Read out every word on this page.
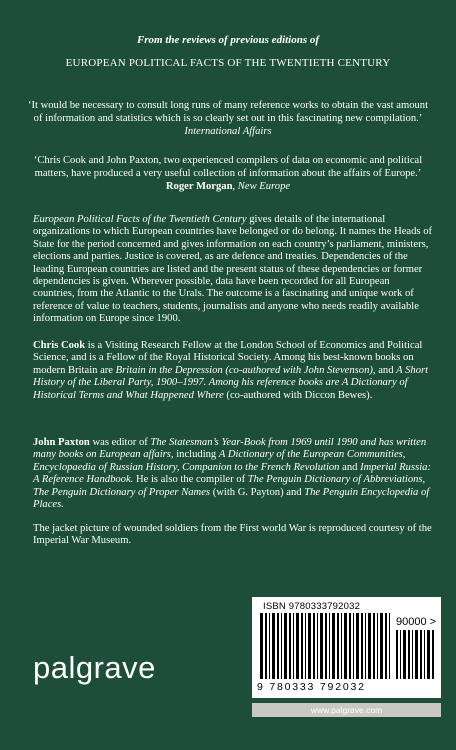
From the reviews of previous editions of
EUROPEAN POLITICAL FACTS OF THE TWENTIETH CENTURY
‘It would be necessary to consult long runs of many reference works to obtain the vast amount
of information and statistics which is so clearly set out in this fascinating new compilation.’
International Affairs
‘Chris Cook and John Paxton, two experienced compilers of data on economic and political
matters, have produced a very useful collection of information about the affairs of Europe.’
Roger Morgan, New Europe
European Political Facts of the Twentieth Century gives details of the international organizations to which European countries have belonged or do belong. It names the Heads of State for the period concerned and gives information on each country’s parliament, ministers, elections and parties. Justice is covered, as are defence and treaties. Dependencies of the leading European countries are listed and the present status of these dependencies or former dependencies is given. Wherever possible, data have been recorded for all European countries, from the Atlantic to the Urals. The outcome is a fascinating and unique work of reference of value to teachers, students, journalists and anyone who needs readily available information on Europe since 1900.
Chris Cook is a Visiting Research Fellow at the London School of Economics and Political Science, and is a Fellow of the Royal Historical Society. Among his best-known books on modern Britain are Britain in the Depression (co-authored with John Stevenson), and A Short History of the Liberal Party, 1900–1997. Among his reference books are A Dictionary of Historical Terms and What Happened Where (co-authored with Diccon Bewes).
John Paxton was editor of The Statesman’s Year-Book from 1969 until 1990 and has written many books on European affairs, including A Dictionary of the European Communities, Encyclopaedia of Russian History, Companion to the French Revolution and Imperial Russia: A Reference Handbook. He is also the compiler of The Penguin Dictionary of Abbreviations, The Penguin Dictionary of Proper Names (with G. Payton) and The Penguin Encyclopedia of Places.
The jacket picture of wounded soldiers from the First world War is reproduced courtesy of the Imperial War Museum.
palgrave
ISBN 9780333792032
90000 >
9 780333 792032
www.palgrave.com
